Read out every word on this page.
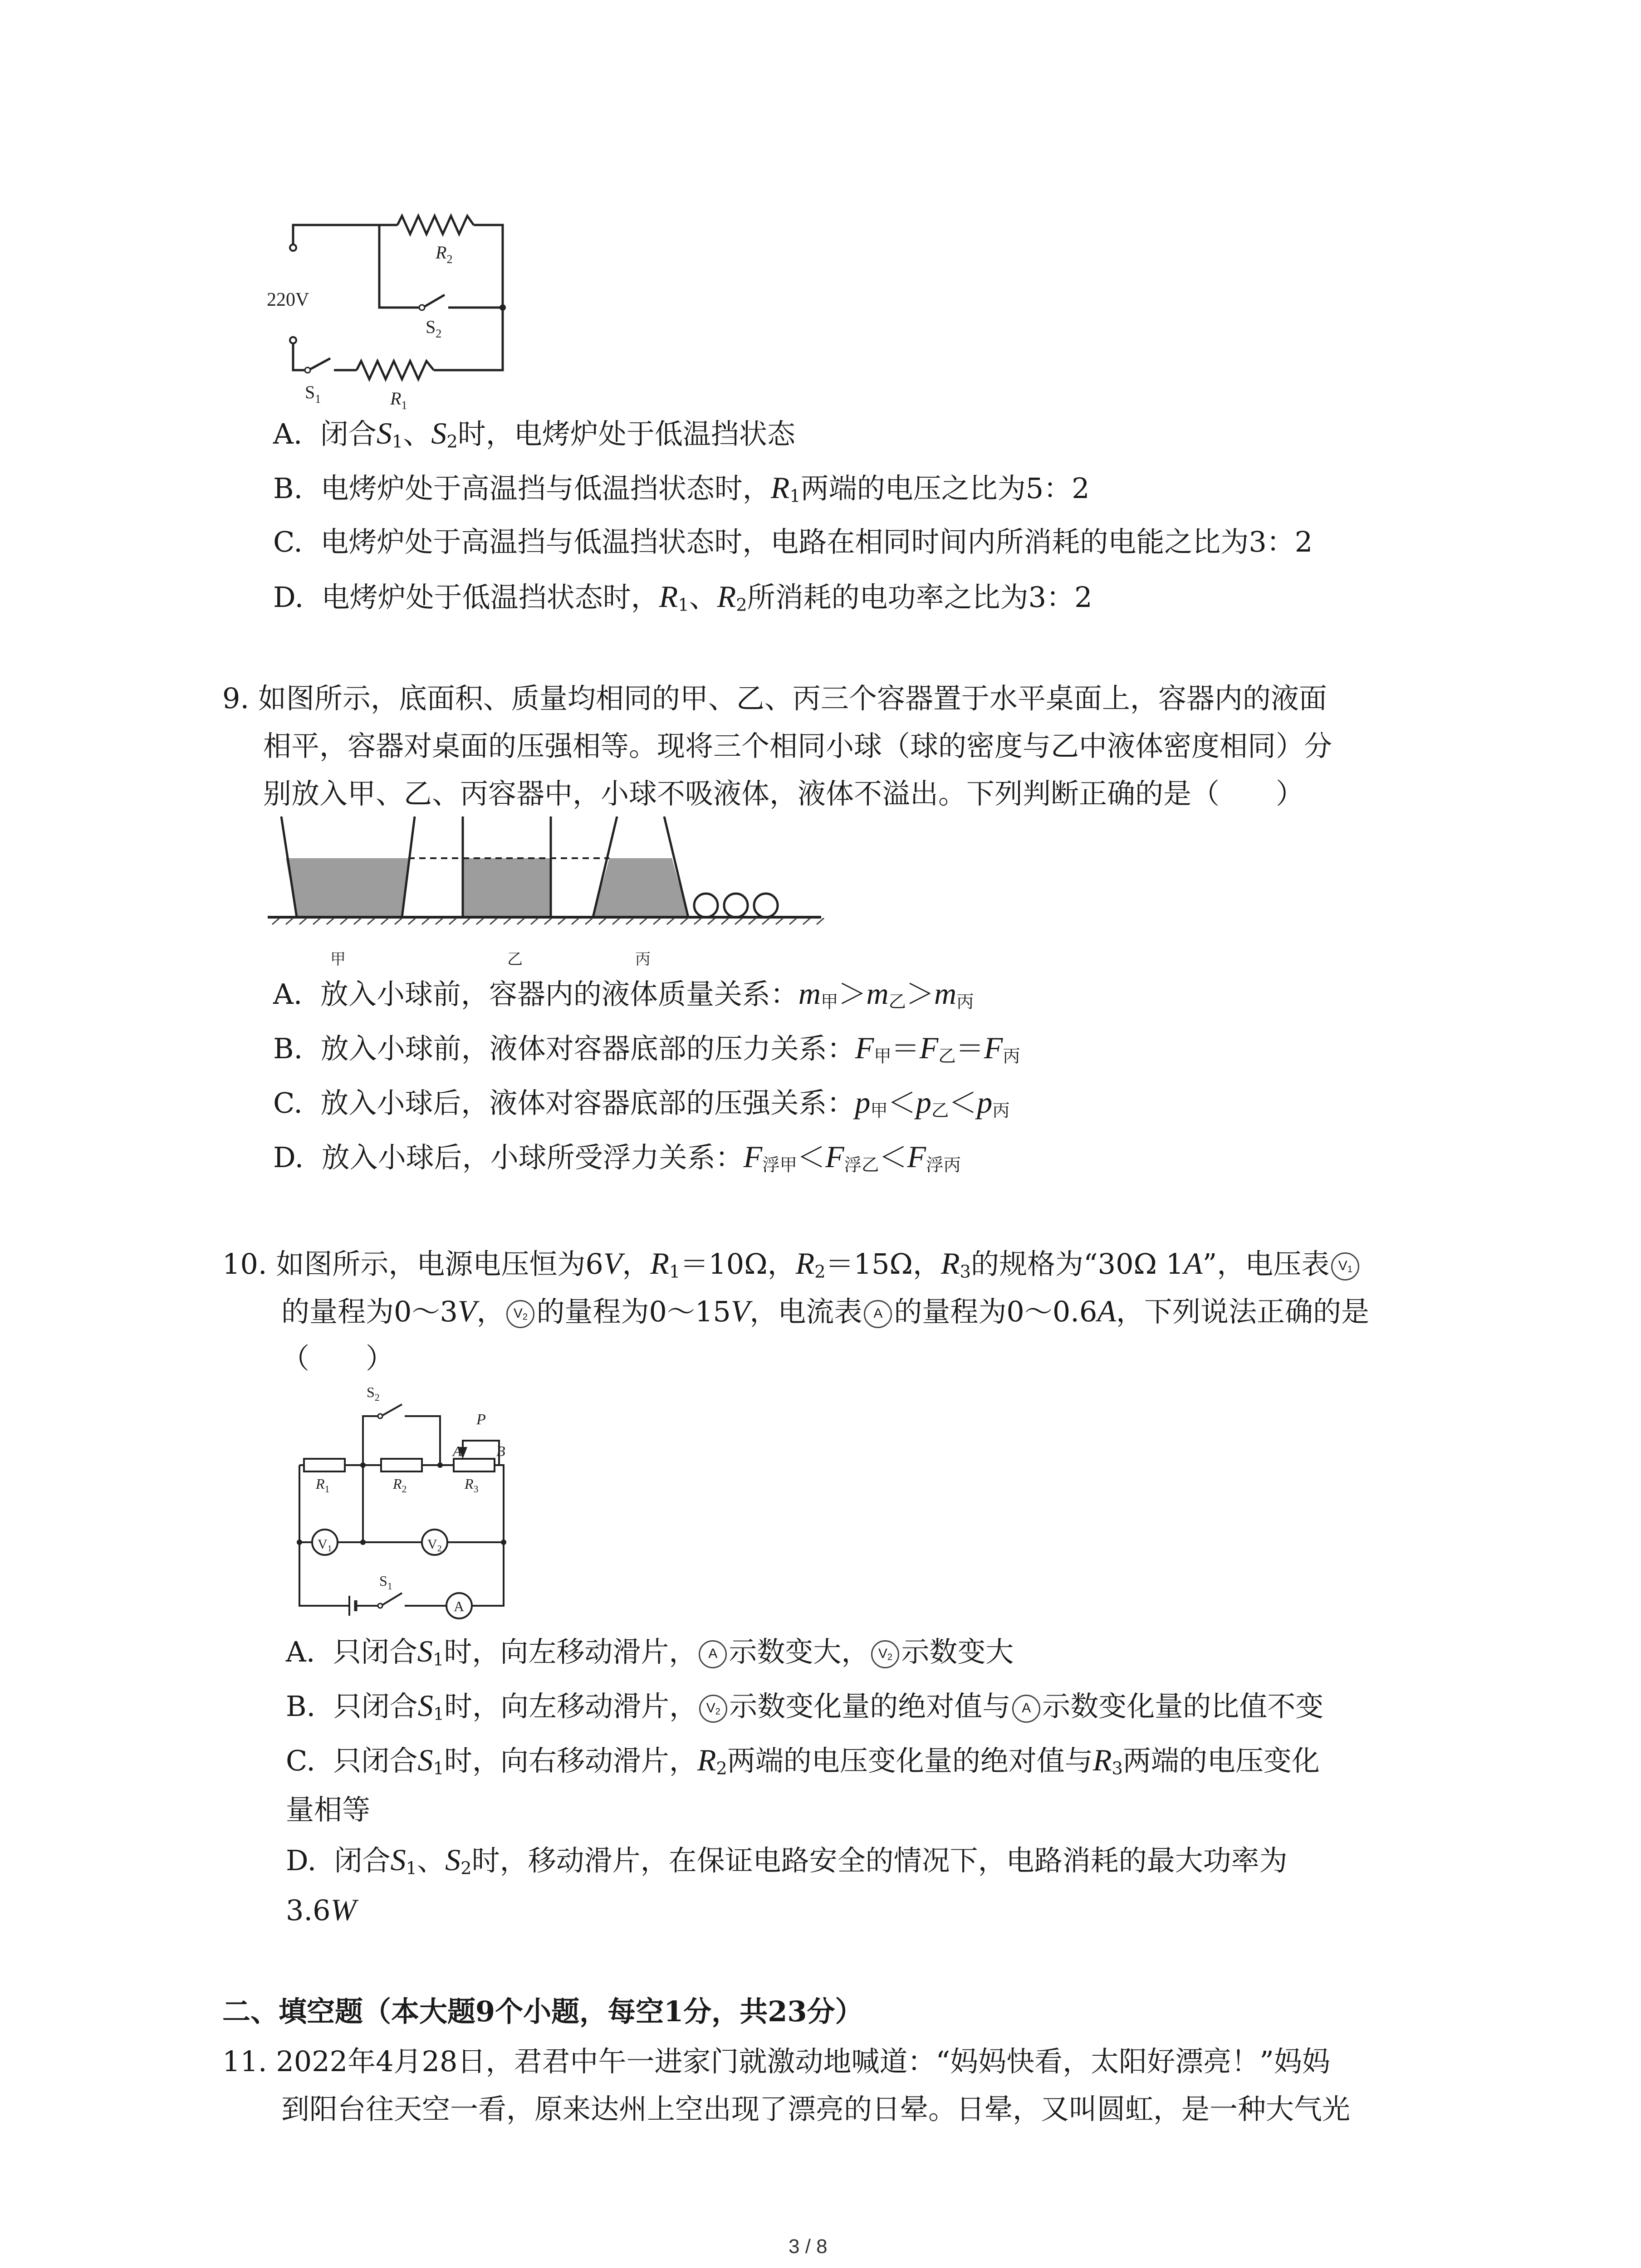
220V
$R_2$
$S_2$
$S_1$	$R_1$
A. 闭合$S_1$、$S_2$时，电烤炉处于低温挡状态
B. 电烤炉处于高温挡与低温挡状态时，$R_1$两端的电压之比为5：2
C. 电烤炉处于高温挡与低温挡状态时，电路在相同时间内所消耗的电能之比为3：2
D. 电烤炉处于低温挡状态时，$R_1$、$R_2$所消耗的电功率之比为3：2
9. 如图所示，底面积、质量均相同的甲、乙、丙三个容器置于水平桌面上，容器内的液面
相平，容器对桌面的压强相等。现将三个相同小球（球的密度与乙中液体密度相同）分
别放入甲、乙、丙容器中，小球不吸液体，液体不溢出。下列判断正确的是（　　）
甲	乙	丙
A. 放入小球前，容器内的液体质量关系：$m_甲>m_乙>m_丙$
B. 放入小球前，液体对容器底部的压力关系：$F_甲=F_乙=F_丙$
C. 放入小球后，液体对容器底部的压强关系：$p_甲<p_乙<p_丙$
D. 放入小球后，小球所受浮力关系：$F_{浮甲}<F_{浮乙}<F_{浮丙}$
10. 如图所示，电源电压恒为6V，$R_1=10\Omega$，$R_2=15\Omega$，$R_3$的规格为“30Ω 1A”，电压表 $V_1$
的量程为0～3V， $V_2$ 的量程为0～15V，电流表 A 的量程为0～0.6A，下列说法正确的是
（　　）
$V_1$	$V_2$
A
$S_2$
$S_1$
P
A B
$R_1$	$R_2$	$R_3$
A. 只闭合$S_1$时，向左移动滑片， A 示数变大， $V_2$ 示数变大
B. 只闭合$S_1$时，向左移动滑片， $V_2$ 示数变化量的绝对值与 A 示数变化量的比值不变
C. 只闭合$S_1$时，向右移动滑片，$R_2$两端的电压变化量的绝对值与$R_3$两端的电压变化
量相等
D. 闭合$S_1$、$S_2$时，移动滑片，在保证电路安全的情况下，电路消耗的最大功率为
3.6W
二、填空题（本大题9个小题，每空1分，共23分）
11. 2022年4月28日，君君中午一进家门就激动地喊道：“妈妈快看，太阳好漂亮！”妈妈
到阳台往天空一看，原来达州上空出现了漂亮的日晕。日晕，又叫圆虹，是一种大气光
3 / 8
